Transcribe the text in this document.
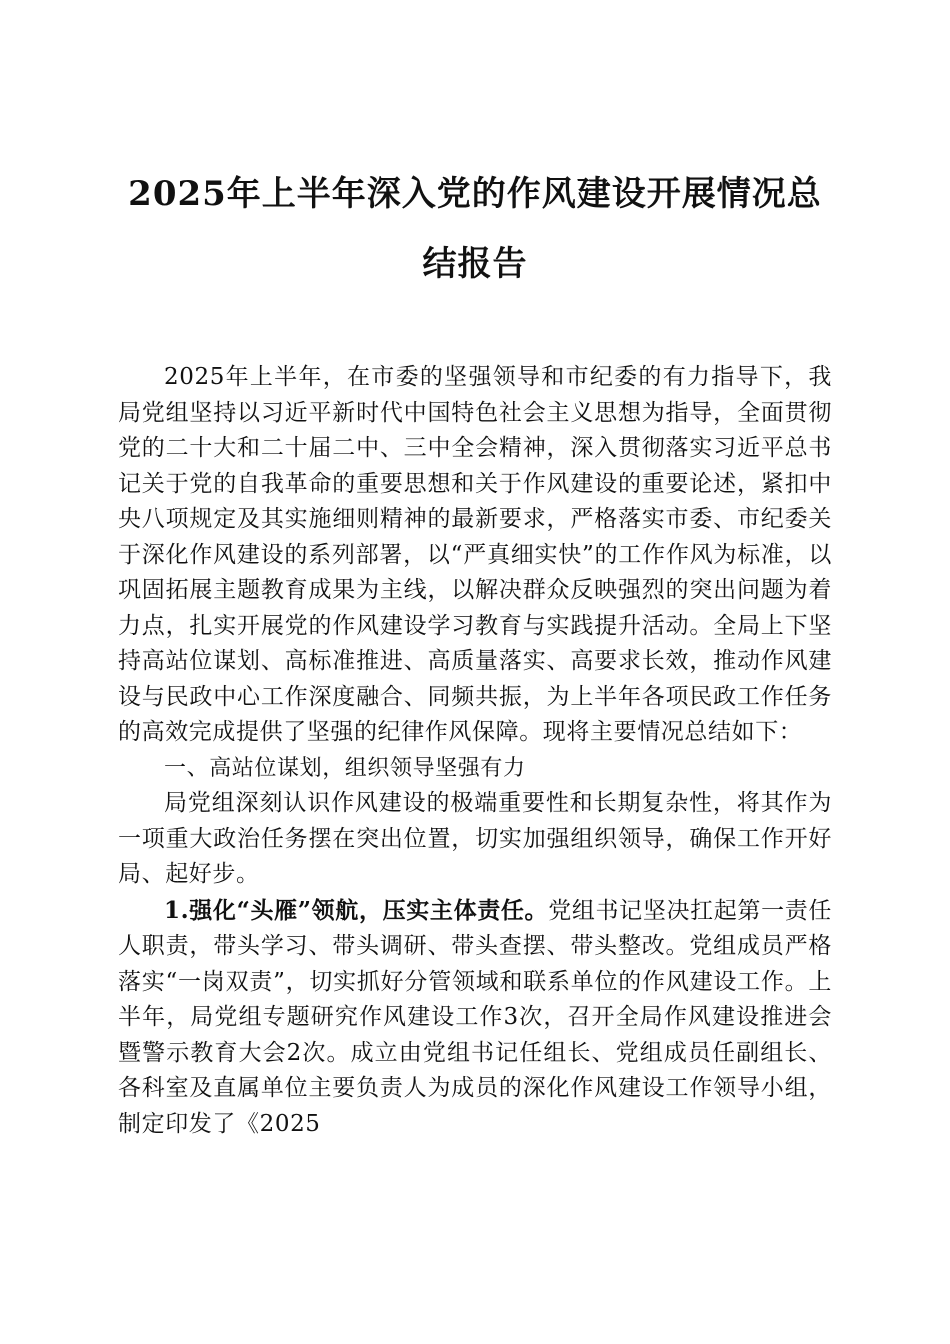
2025年上半年深入党的作风建设开展情况总
结报告

2025年上半年，在市委的坚强领导和市纪委的有力指导下，我局党组坚持以习近平新时代中国特色社会主义思想为指导，全面贯彻党的二十大和二十届二中、三中全会精神，深入贯彻落实习近平总书记关于党的自我革命的重要思想和关于作风建设的重要论述，紧扣中央八项规定及其实施细则精神的最新要求，严格落实市委、市纪委关于深化作风建设的系列部署，以“严真细实快”的工作作风为标准，以巩固拓展主题教育成果为主线，以解决群众反映强烈的突出问题为着力点，扎实开展党的作风建设学习教育与实践提升活动。全局上下坚持高站位谋划、高标准推进、高质量落实、高要求长效，推动作风建设与民政中心工作深度融合、同频共振，为上半年各项民政工作任务的高效完成提供了坚强的纪律作风保障。现将主要情况总结如下：

一、高站位谋划，组织领导坚强有力

局党组深刻认识作风建设的极端重要性和长期复杂性，将其作为一项重大政治任务摆在突出位置，切实加强组织领导，确保工作开好局、起好步。

1.强化“头雁”领航，压实主体责任。党组书记坚决扛起第一责任人职责，带头学习、带头调研、带头查摆、带头整改。党组成员严格落实“一岗双责”，切实抓好分管领域和联系单位的作风建设工作。上半年，局党组专题研究作风建设工作3次，召开全局作风建设推进会暨警示教育大会2次。成立由党组书记任组长、党组成员任副组长、各科室及直属单位主要负责人为成员的深化作风建设工作领导小组，制定印发了《2025
